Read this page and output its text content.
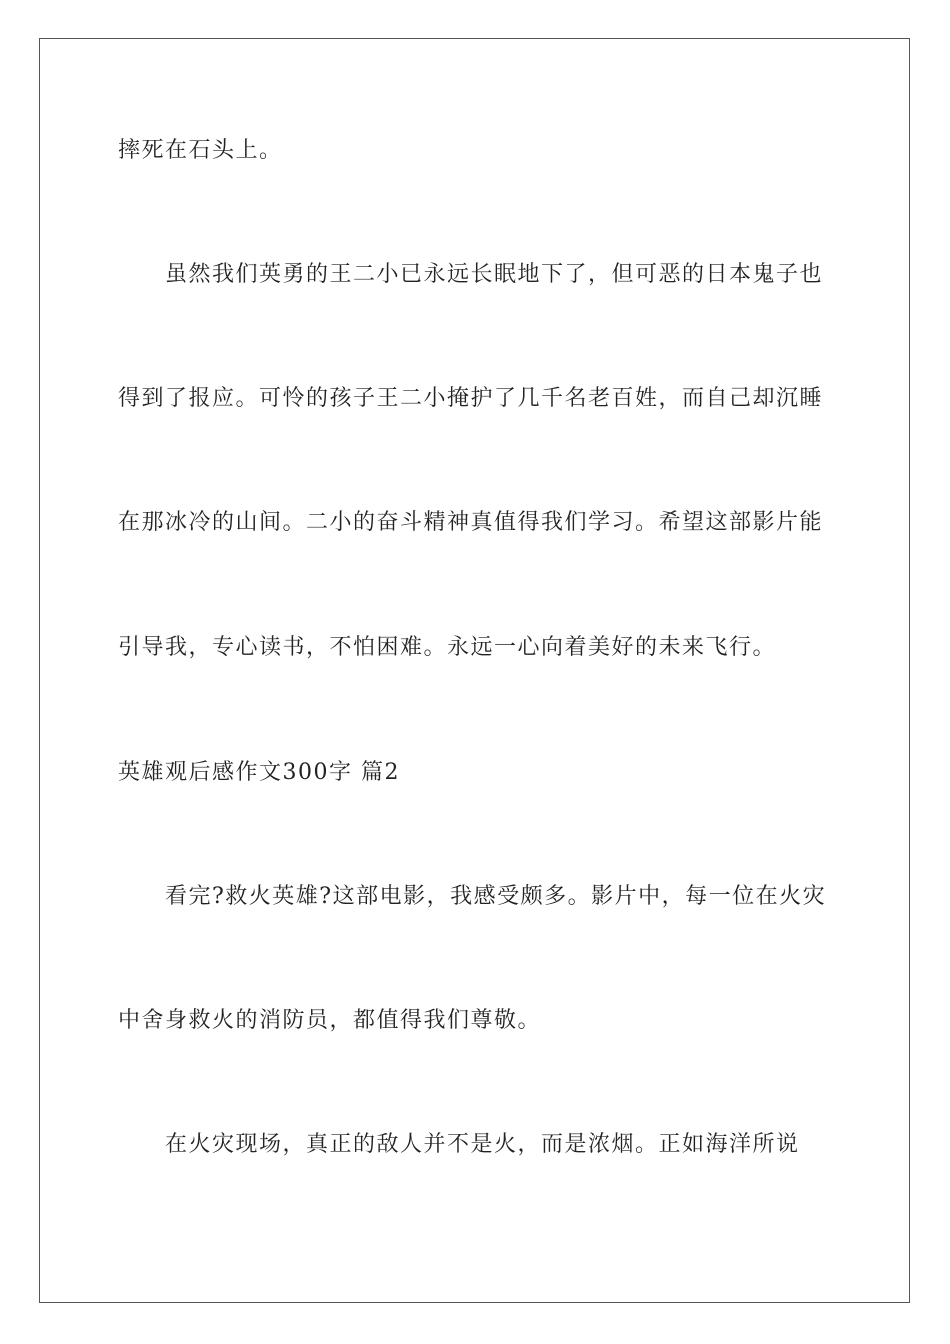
摔死在石头上。
虽然我们英勇的王二小已永远长眠地下了，但可恶的日本鬼子也
得到了报应。可怜的孩子王二小掩护了几千名老百姓，而自己却沉睡
在那冰冷的山间。二小的奋斗精神真值得我们学习。希望这部影片能
引导我，专心读书，不怕困难。永远一心向着美好的未来飞行。
英雄观后感作文300字 篇2
看完?救火英雄?这部电影，我感受颇多。影片中，每一位在火灾
中舍身救火的消防员，都值得我们尊敬。
在火灾现场，真正的敌人并不是火，而是浓烟。正如海洋所说
